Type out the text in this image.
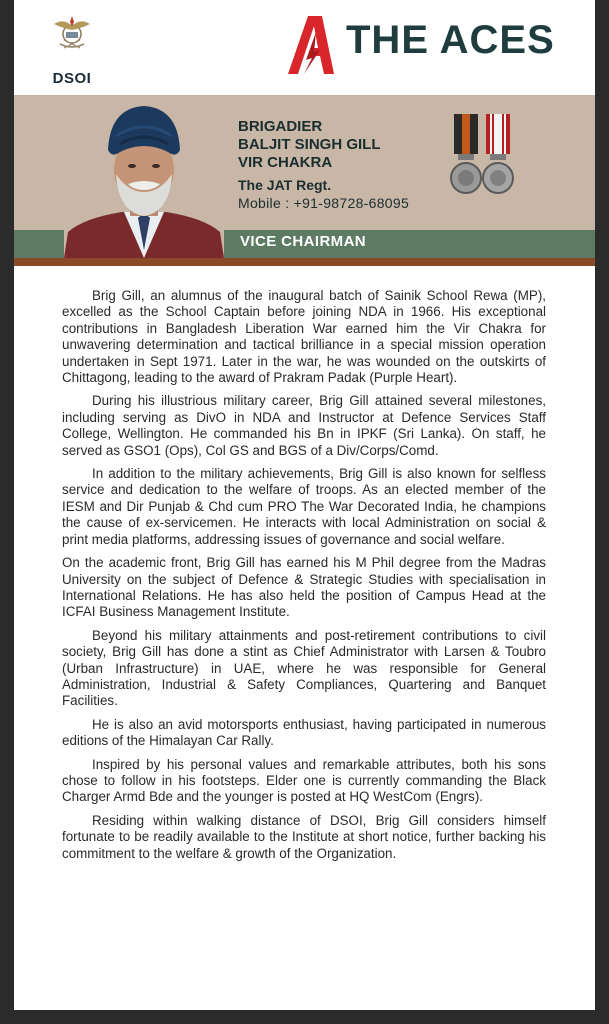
DSOI
THE ACES
BRIGADIER
BALJIT SINGH GILL
VIR CHAKRA
The JAT Regt.
Mobile : +91-98728-68095
VICE CHAIRMAN

Brig Gill, an alumnus of the inaugural batch of Sainik School Rewa (MP), excelled as the School Captain before joining NDA in 1966. His exceptional contributions in Bangladesh Liberation War earned him the Vir Chakra for unwavering determination and tactical brilliance in a special mission operation undertaken in Sept 1971. Later in the war, he was wounded on the outskirts of Chittagong, leading to the award of Prakram Padak (Purple Heart).

During his illustrious military career, Brig Gill attained several milestones, including serving as DivO in NDA and Instructor at Defence Services Staff College, Wellington. He commanded his Bn in IPKF (Sri Lanka). On staff, he served as GSO1 (Ops), Col GS and BGS of a Div/Corps/Comd.

In addition to the military achievements, Brig Gill is also known for selfless service and dedication to the welfare of troops. As an elected member of the IESM and Dir Punjab & Chd cum PRO The War Decorated India, he champions the cause of ex-servicemen. He interacts with local Administration on social & print media platforms, addressing issues of governance and social welfare.

On the academic front, Brig Gill has earned his M Phil degree from the Madras University on the subject of Defence & Strategic Studies with specialisation in International Relations. He has also held the position of Campus Head at the ICFAI Business Management Institute.

Beyond his military attainments and post-retirement contributions to civil society, Brig Gill has done a stint as Chief Administrator with Larsen & Toubro (Urban Infrastructure) in UAE, where he was responsible for General Administration, Industrial & Safety Compliances, Quartering and Banquet Facilities.

He is also an avid motorsports enthusiast, having participated in numerous editions of the Himalayan Car Rally.

Inspired by his personal values and remarkable attributes, both his sons chose to follow in his footsteps. Elder one is currently commanding the Black Charger Armd Bde and the younger is posted at HQ WestCom (Engrs).

Residing within walking distance of DSOI, Brig Gill considers himself fortunate to be readily available to the Institute at short notice, further backing his commitment to the welfare & growth of the Organization.
